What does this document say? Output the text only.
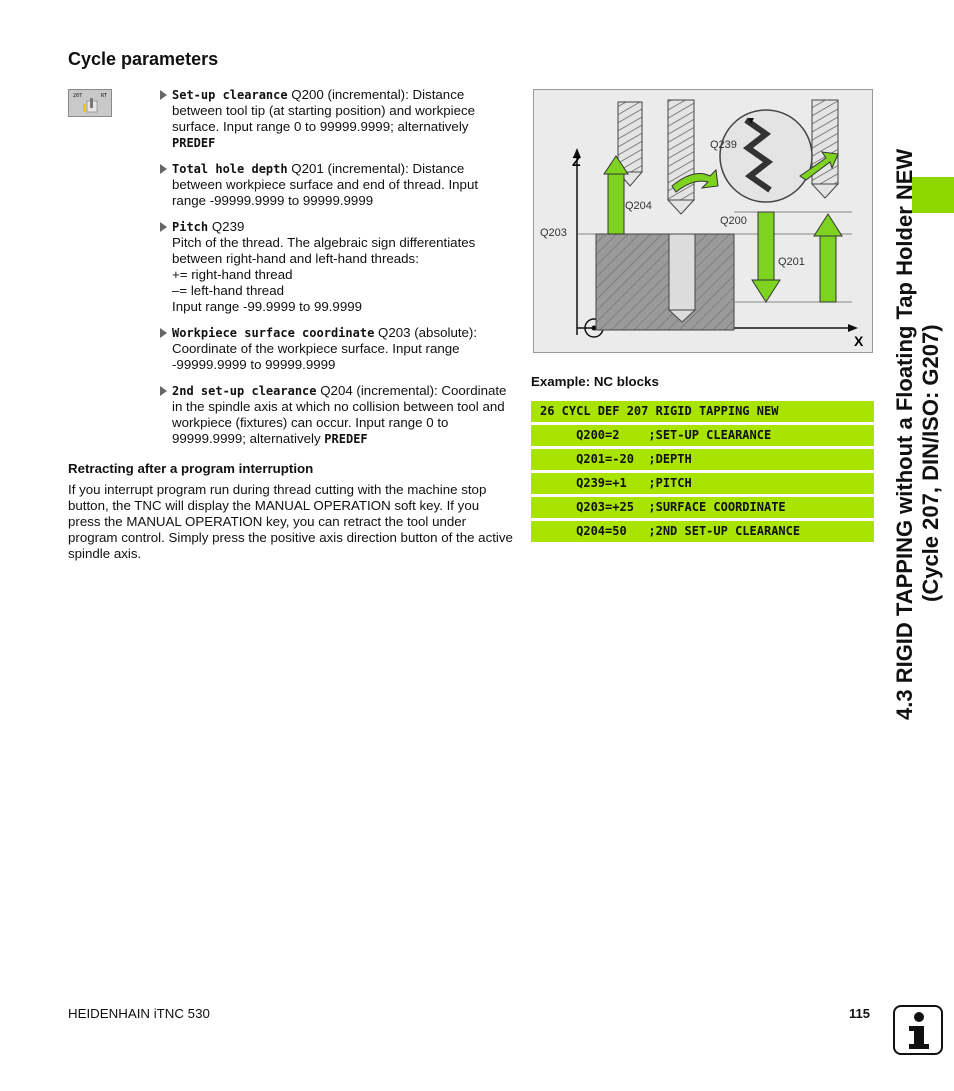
Cycle parameters
207	RT	Set-up clearance Q200 (incremental): Distance between tool tip (at starting position) and workpiece surface. Input range 0 to 99999.9999; alternatively PREDEF
Total hole depth Q201 (incremental): Distance between workpiece surface and end of thread. Input range -99999.9999 to 99999.9999
Pitch Q239
Pitch of the thread. The algebraic sign differentiates between right-hand and left-hand threads:
+= right-hand thread
–= left-hand thread
Input range -99.9999 to 99.9999
Workpiece surface coordinate Q203 (absolute): Coordinate of the workpiece surface. Input range -99999.9999 to 99999.9999
2nd set-up clearance Q204 (incremental): Coordinate in the spindle axis at which no collision between tool and workpiece (fixtures) can occur. Input range 0 to 99999.9999; alternatively PREDEF
Retracting after a program interruption
If you interrupt program run during thread cutting with the machine stop button, the TNC will display the MANUAL OPERATION soft key. If you press the MANUAL OPERATION key, you can retract the tool under program control. Simply press the positive axis direction button of the active spindle axis.
Z
X
Q203
Q239
Q204
Q200
Q201
Example: NC blocks
26 CYCL DEF 207 RIGID TAPPING NEW
Q200=2    ;SET-UP CLEARANCE
Q201=-20  ;DEPTH
Q239=+1   ;PITCH
Q203=+25  ;SURFACE COORDINATE
Q204=50   ;2ND SET-UP CLEARANCE	4.3 RIGID TAPPING without a Floating Tap Holder NEW (Cycle 207, DIN/ISO: G207)
HEIDENHAIN iTNC 530	115
